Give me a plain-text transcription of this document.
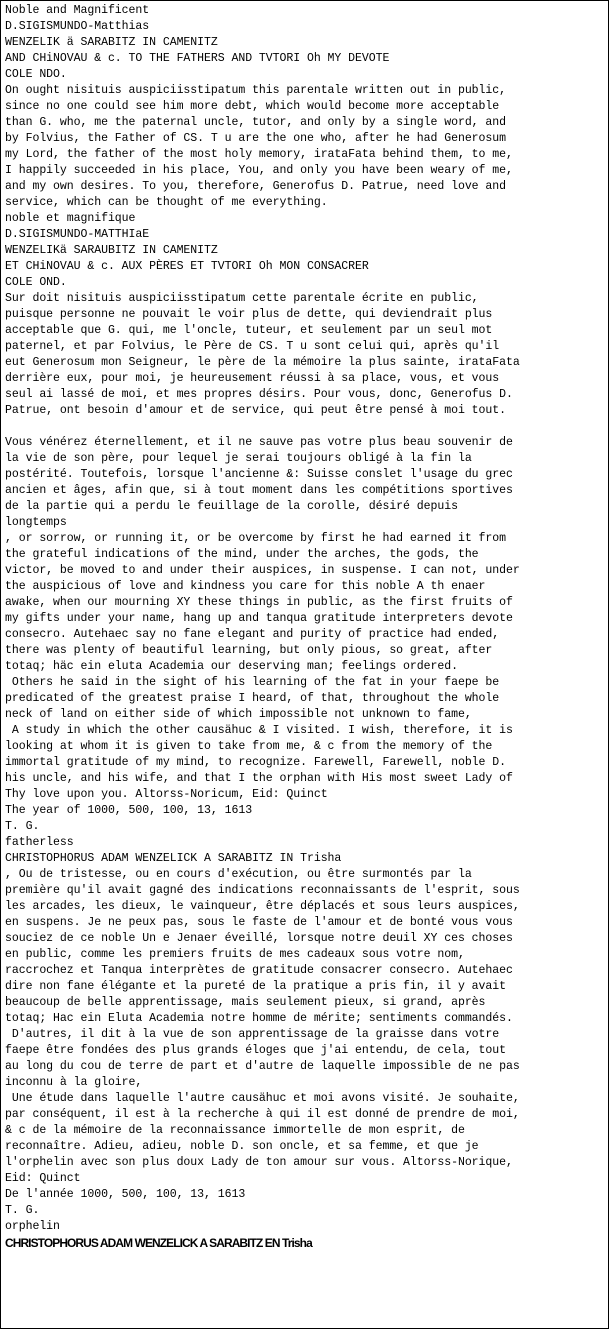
Noble and Magnificent
D.SIGISMUNDO-Matthias
WENZELIK ä SARABITZ IN CAMENITZ
AND CHiNOVAU & c. TO THE FATHERS AND TVTORI Oh MY DEVOTE
COLE NDO.
On ought nisituis auspiciisstipatum this parentale written out in public,
since no one could see him more debt, which would become more acceptable
than G. who, me the paternal uncle, tutor, and only by a single word, and
by Folvius, the Father of CS. T u are the one who, after he had Generosum
my Lord, the father of the most holy memory, irataFata behind them, to me,
I happily succeeded in his place, You, and only you have been weary of me,
and my own desires. To you, therefore, Generofus D. Patrue, need love and
service, which can be thought of me everything.
noble et magnifique
D.SIGISMUNDO-MATTHIaE
WENZELIKä SARAUBITZ IN CAMENITZ
ET CHiNOVAU & c. AUX PÈRES ET TVTORI Oh MON CONSACRER
COLE OND.
Sur doit nisituis auspiciisstipatum cette parentale écrite en public,
puisque personne ne pouvait le voir plus de dette, qui deviendrait plus
acceptable que G. qui, me l'oncle, tuteur, et seulement par un seul mot
paternel, et par Folvius, le Père de CS. T u sont celui qui, après qu'il
eut Generosum mon Seigneur, le père de la mémoire la plus sainte, irataFata
derrière eux, pour moi, je heureusement réussi à sa place, vous, et vous
seul ai lassé de moi, et mes propres désirs. Pour vous, donc, Generofus D.
Patrue, ont besoin d'amour et de service, qui peut être pensé à moi tout.
Vous vénérez éternellement, et il ne sauve pas votre plus beau souvenir de
la vie de son père, pour lequel je serai toujours obligé à la fin la
postérité. Toutefois, lorsque l'ancienne &: Suisse conslet l'usage du grec
ancien et âges, afin que, si à tout moment dans les compétitions sportives
de la partie qui a perdu le feuillage de la corolle, désiré depuis
longtemps
, or sorrow, or running it, or be overcome by first he had earned it from
the grateful indications of the mind, under the arches, the gods, the
victor, be moved to and under their auspices, in suspense. I can not, under
the auspicious of love and kindness you care for this noble A th enaer
awake, when our mourning XY these things in public, as the first fruits of
my gifts under your name, hang up and tanqua gratitude interpreters devote
consecro. Autehaec say no fane elegant and purity of practice had ended,
there was plenty of beautiful learning, but only pious, so great, after
totaq; häc ein eluta Academia our deserving man; feelings ordered.
Others he said in the sight of his learning of the fat in your faepe be
predicated of the greatest praise I heard, of that, throughout the whole
neck of land on either side of which impossible not unknown to fame,
A study in which the other causähuc & I visited. I wish, therefore, it is
looking at whom it is given to take from me, & c from the memory of the
immortal gratitude of my mind, to recognize. Farewell, Farewell, noble D.
his uncle, and his wife, and that I the orphan with His most sweet Lady of
Thy love upon you. Altorss-Noricum, Eid: Quinct
The year of 1000, 500, 100, 13, 1613
T. G.
fatherless
CHRISTOPHORUS ADAM WENZELICK A SARABITZ IN Trisha
, Ou de tristesse, ou en cours d'exécution, ou être surmontés par la
première qu'il avait gagné des indications reconnaissants de l'esprit, sous
les arcades, les dieux, le vainqueur, être déplacés et sous leurs auspices,
en suspens. Je ne peux pas, sous le faste de l'amour et de bonté vous vous
souciez de ce noble Un e Jenaer éveillé, lorsque notre deuil XY ces choses
en public, comme les premiers fruits de mes cadeaux sous votre nom,
raccrochez et Tanqua interprètes de gratitude consacrer consecro. Autehaec
dire non fane élégante et la pureté de la pratique a pris fin, il y avait
beaucoup de belle apprentissage, mais seulement pieux, si grand, après
totaq; Hac ein Eluta Academia notre homme de mérite; sentiments commandés.
D'autres, il dit à la vue de son apprentissage de la graisse dans votre
faepe être fondées des plus grands éloges que j'ai entendu, de cela, tout
au long du cou de terre de part et d'autre de laquelle impossible de ne pas
inconnu à la gloire,
Une étude dans laquelle l'autre causähuc et moi avons visité. Je souhaite,
par conséquent, il est à la recherche à qui il est donné de prendre de moi,
& c de la mémoire de la reconnaissance immortelle de mon esprit, de
reconnaître. Adieu, adieu, noble D. son oncle, et sa femme, et que je
l'orphelin avec son plus doux Lady de ton amour sur vous. Altorss-Norique,
Eid: Quinct
De l'année 1000, 500, 100, 13, 1613
T. G.
orphelin
CHRISTOPHORUS ADAM WENZELICK A SARABITZ EN Trisha
